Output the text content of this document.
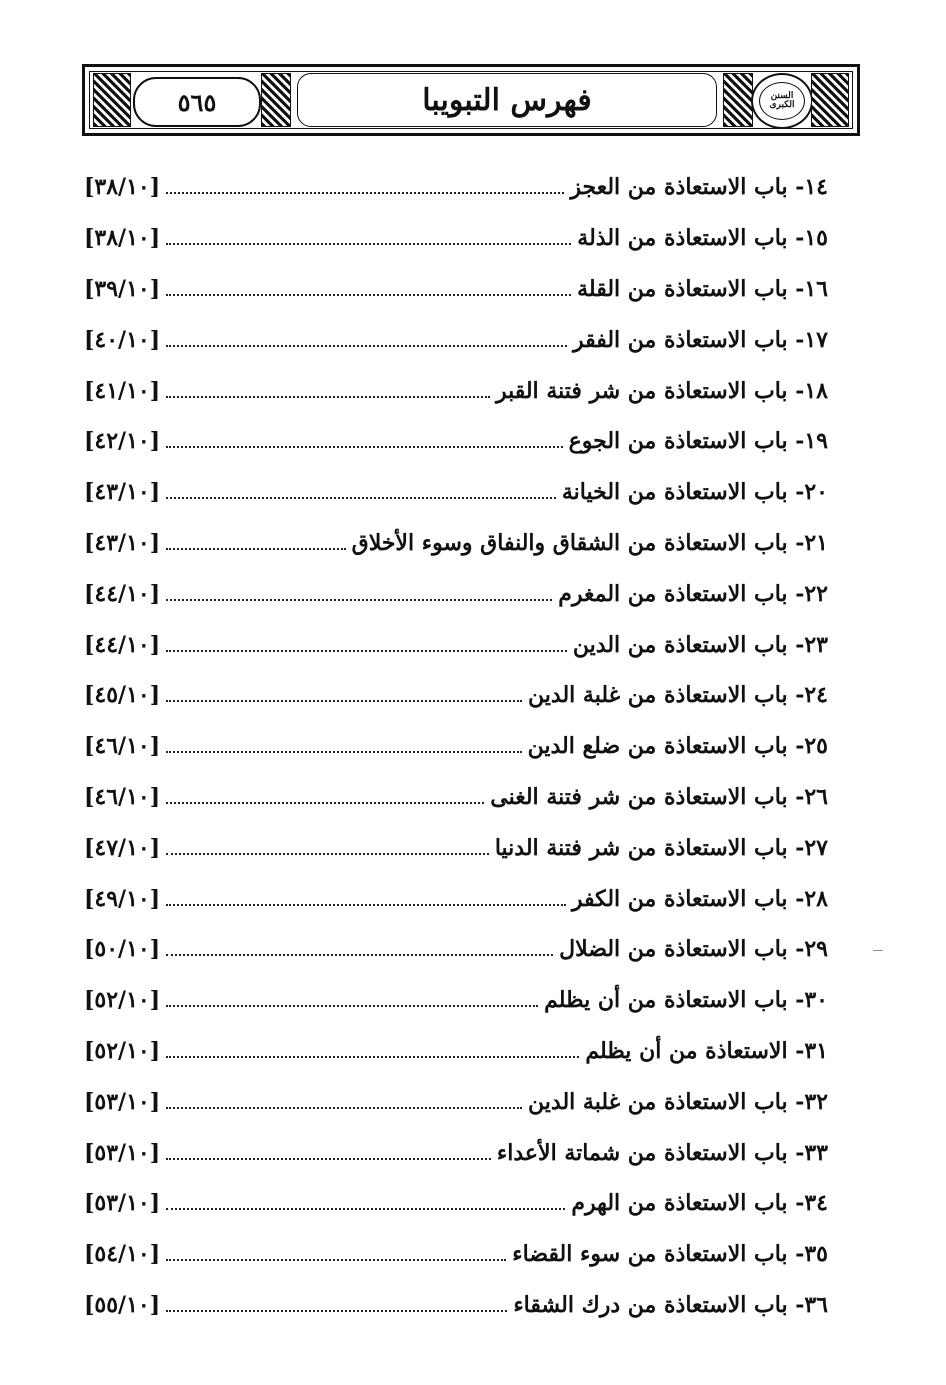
٥٦٥	فهرس التبويبا	السنن الكبرى
١٤- باب الاستعاذة من العجز
[٣٨/١٠]
١٥- باب الاستعاذة من الذلة
[٣٨/١٠]
١٦- باب الاستعاذة من القلة
[٣٩/١٠]
١٧- باب الاستعاذة من الفقر
[٤٠/١٠]
١٨- باب الاستعاذة من شر فتنة القبر
[٤١/١٠]
١٩- باب الاستعاذة من الجوع
[٤٢/١٠]
٢٠- باب الاستعاذة من الخيانة
[٤٣/١٠]
٢١- باب الاستعاذة من الشقاق والنفاق وسوء الأخلاق
[٤٣/١٠]
٢٢- باب الاستعاذة من المغرم
[٤٤/١٠]
٢٣- باب الاستعاذة من الدين
[٤٤/١٠]
٢٤- باب الاستعاذة من غلبة الدين
[٤٥/١٠]
٢٥- باب الاستعاذة من ضلع الدين
[٤٦/١٠]
٢٦- باب الاستعاذة من شر فتنة الغنى
[٤٦/١٠]
٢٧- باب الاستعاذة من شر فتنة الدنيا
[٤٧/١٠]
٢٨- باب الاستعاذة من الكفر
[٤٩/١٠]
٢٩- باب الاستعاذة من الضلال
[٥٠/١٠]
٣٠- باب الاستعاذة من أن يظلم
[٥٢/١٠]
٣١- الاستعاذة من أن يظلم
[٥٢/١٠]
٣٢- باب الاستعاذة من غلبة الدين
[٥٣/١٠]
٣٣- باب الاستعاذة من شماتة الأعداء
[٥٣/١٠]
٣٤- باب الاستعاذة من الهرم
[٥٣/١٠]
٣٥- باب الاستعاذة من سوء القضاء
[٥٤/١٠]
٣٦- باب الاستعاذة من درك الشقاء
[٥٥/١٠]
